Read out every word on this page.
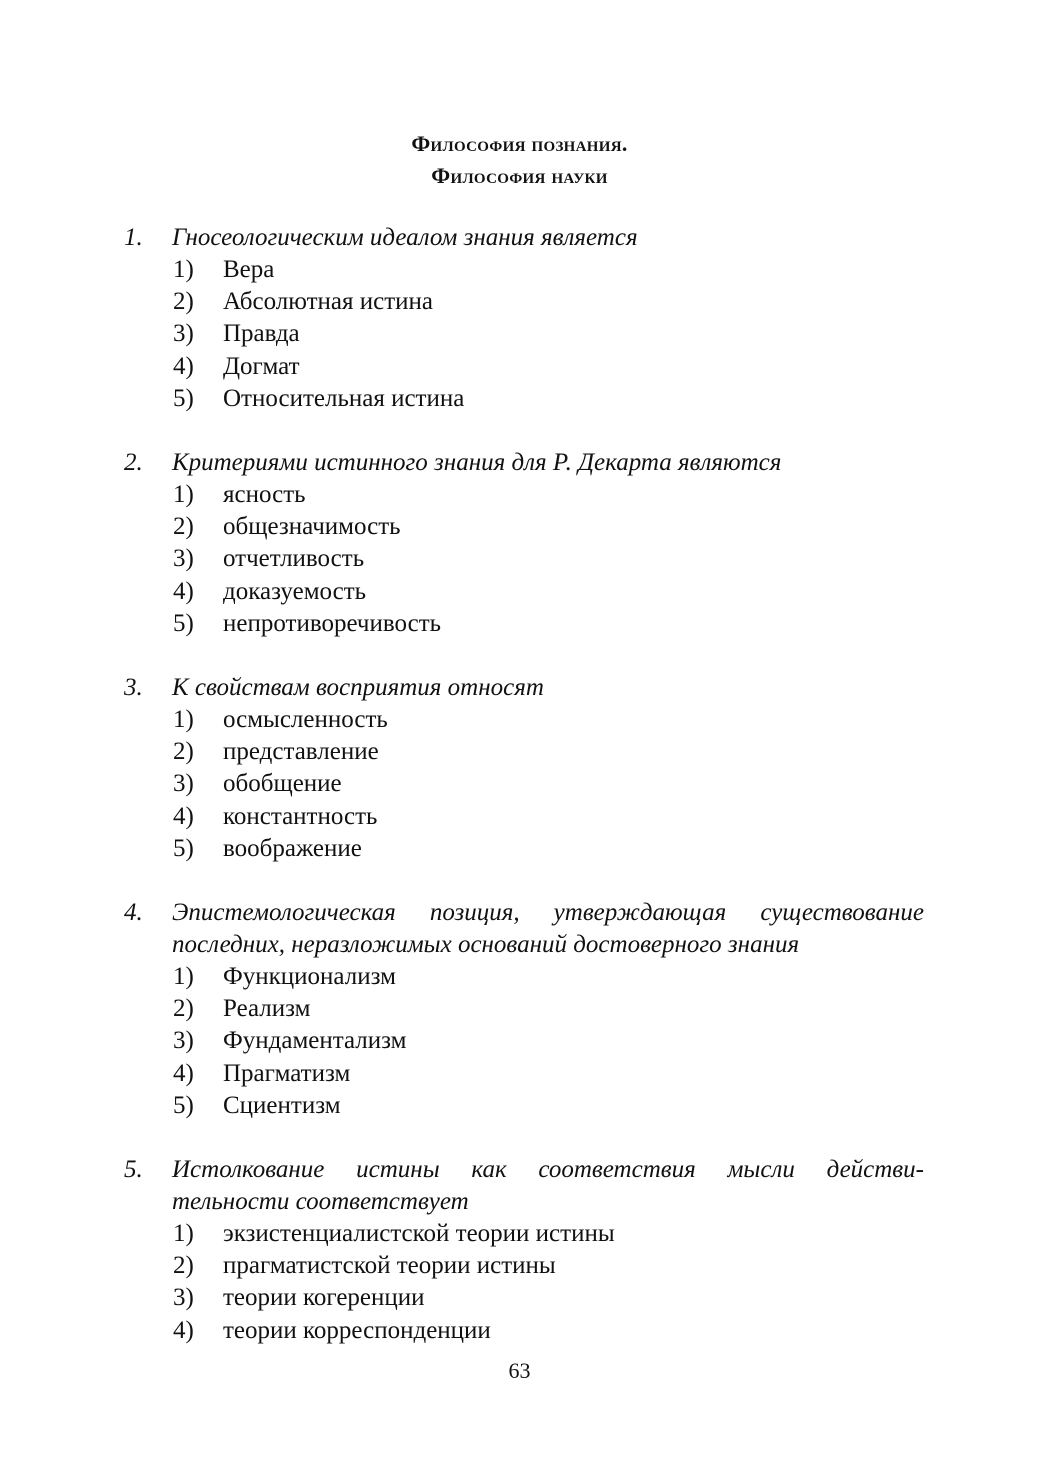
Философия познания.
Философия науки
1.	Гносеологическим идеалом знания является
1)	Вера
2)	Абсолютная истина
3)	Правда
4)	Догмат
5)	Относительная истина
2.	Критериями истинного знания для Р. Декарта являются
1)	ясность
2)	общезначимость
3)	отчетливость
4)	доказуемость
5)	непротиворечивость
3.	К свойствам восприятия относят
1)	осмысленность
2)	представление
3)	обобщение
4)	константность
5)	воображение
4.	Эпистемологическая позиция, утверждающая существование
последних, неразложимых оснований достоверного знания
1)	Функционализм
2)	Реализм
3)	Фундаментализм
4)	Прагматизм
5)	Сциентизм
5.	Истолкование истины как соответствия мысли действи-
тельности соответствует
1)	экзистенциалистской теории истины
2)	прагматистской теории истины
3)	теории когеренции
4)	теории корреспонденции
63
